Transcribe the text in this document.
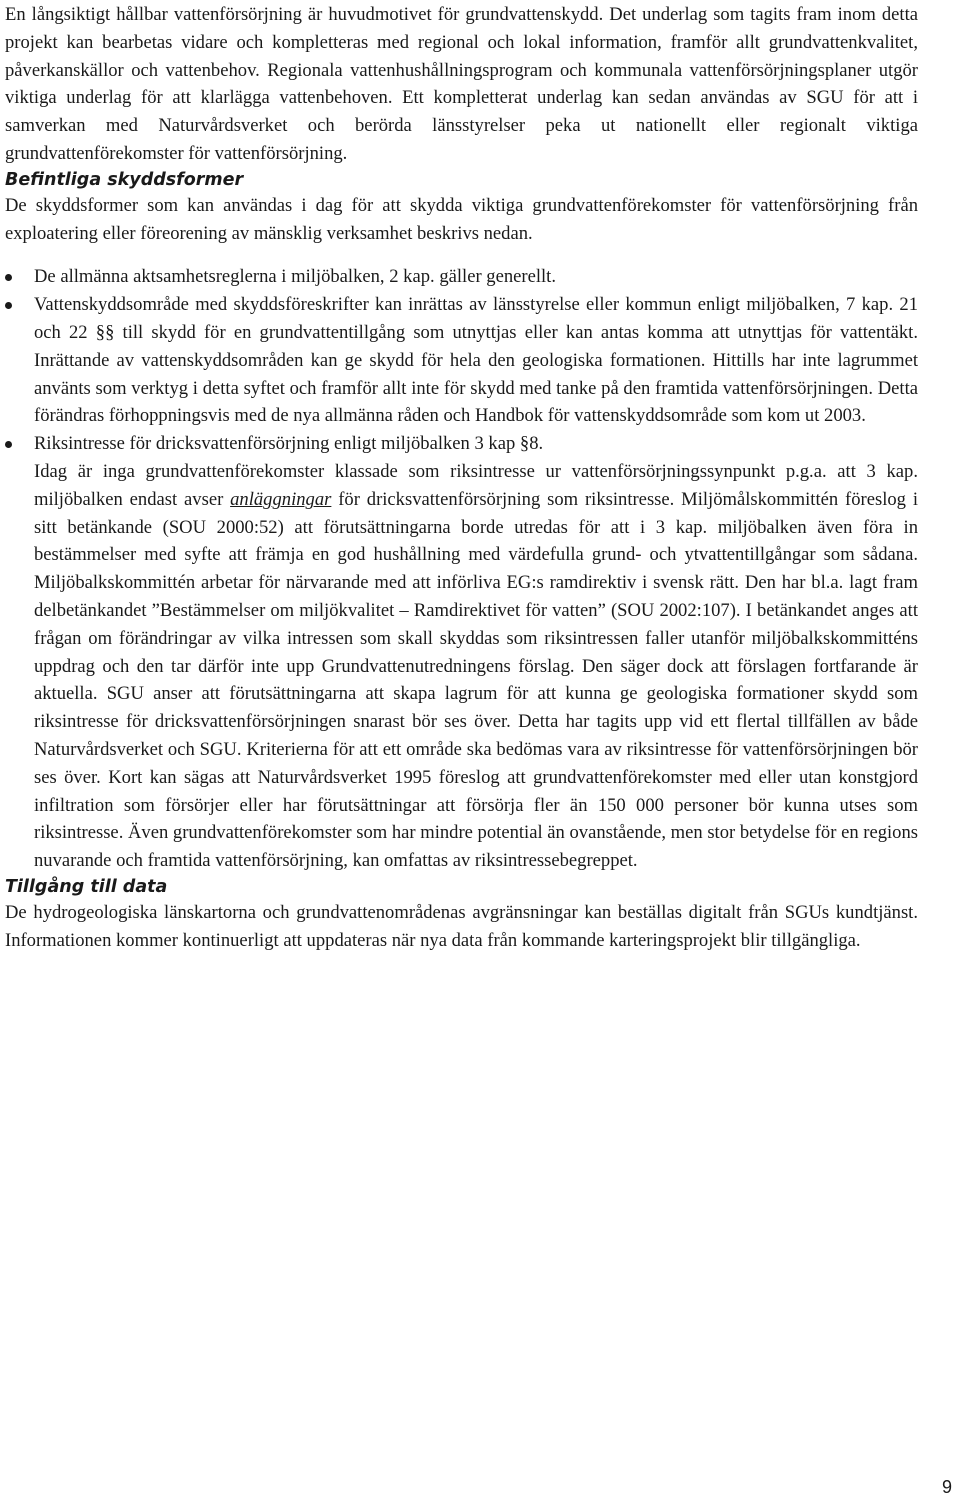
En långsiktigt hållbar vattenförsörjning är huvudmotivet för grundvattenskydd. Det underlag som tagits fram inom detta projekt kan bearbetas vidare och kompletteras med regional och lokal information, framför allt grundvattenkvalitet, påverkanskällor och vattenbehov. Regionala vattenhushållningsprogram och kommunala vattenförsörjningsplaner utgör viktiga underlag för att klarlägga vattenbehoven. Ett kompletterat underlag kan sedan användas av SGU för att i samverkan med Naturvårdsverket och berörda länsstyrelser peka ut nationellt eller regionalt viktiga grundvattenförekomster för vattenförsörjning.

Befintliga skyddsformer

De skyddsformer som kan användas i dag för att skydda viktiga grundvattenförekomster för vattenförsörjning från exploatering eller föreorening av mänsklig verksamhet beskrivs nedan.

De allmänna aktsamhetsreglerna i miljöbalken, 2 kap. gäller generellt.
Vattenskyddsområde med skyddsföreskrifter kan inrättas av länsstyrelse eller kommun enligt miljöbalken, 7 kap. 21 och 22 §§ till skydd för en grundvattentillgång som utnyttjas eller kan antas komma att utnyttjas för vattentäkt. Inrättande av vattenskyddsområden kan ge skydd för hela den geologiska formationen. Hittills har inte lagrummet använts som verktyg i detta syftet och framför allt inte för skydd med tanke på den framtida vattenförsörjningen. Detta förändras förhoppningsvis med de nya allmänna råden och Handbok för vattenskyddsområde som kom ut 2003.
Riksintresse för dricksvattenförsörjning enligt miljöbalken 3 kap §8.
Idag är inga grundvattenförekomster klassade som riksintresse ur vattenförsörjningssynpunkt p.g.a. att 3 kap. miljöbalken endast avser anläggningar för dricksvattenförsörjning som riksintresse. Miljömålskommittén föreslog i sitt betänkande (SOU 2000:52) att förutsättningarna borde utredas för att i 3 kap. miljöbalken även föra in bestämmelser med syfte att främja en god hushållning med värdefulla grund- och ytvattentillgångar som sådana. Miljöbalkskommittén arbetar för närvarande med att införliva EG:s ramdirektiv i svensk rätt. Den har bl.a. lagt fram delbetänkandet ”Bestämmelser om miljökvalitet – Ramdirektivet för vatten” (SOU 2002:107). I betänkandet anges att frågan om förändringar av vilka intressen som skall skyddas som riksintressen faller utanför miljöbalkskommitténs uppdrag och den tar därför inte upp Grundvattenutredningens förslag. Den säger dock att förslagen fortfarande är aktuella. SGU anser att förutsättningarna att skapa lagrum för att kunna ge geologiska formationer skydd som riksintresse för dricksvattenförsörjningen snarast bör ses över. Detta har tagits upp vid ett flertal tillfällen av både Naturvårdsverket och SGU. Kriterierna för att ett område ska bedömas vara av riksintresse för vattenförsörjningen bör ses över. Kort kan sägas att Naturvårdsverket 1995 föreslog att grundvattenförekomster med eller utan konstgjord infiltration som försörjer eller har förutsättningar att försörja fler än 150 000 personer bör kunna utses som riksintresse. Även grundvattenförekomster som har mindre potential än ovanstående, men stor betydelse för en regions nuvarande och framtida vattenförsörjning, kan omfattas av riksintressebegreppet.
Tillgång till data

De hydrogeologiska länskartorna och grundvattenområdenas avgränsningar kan beställas digitalt från SGUs kundtjänst. Informationen kommer kontinuerligt att uppdateras när nya data från kommande karteringsprojekt blir tillgängliga.

9
